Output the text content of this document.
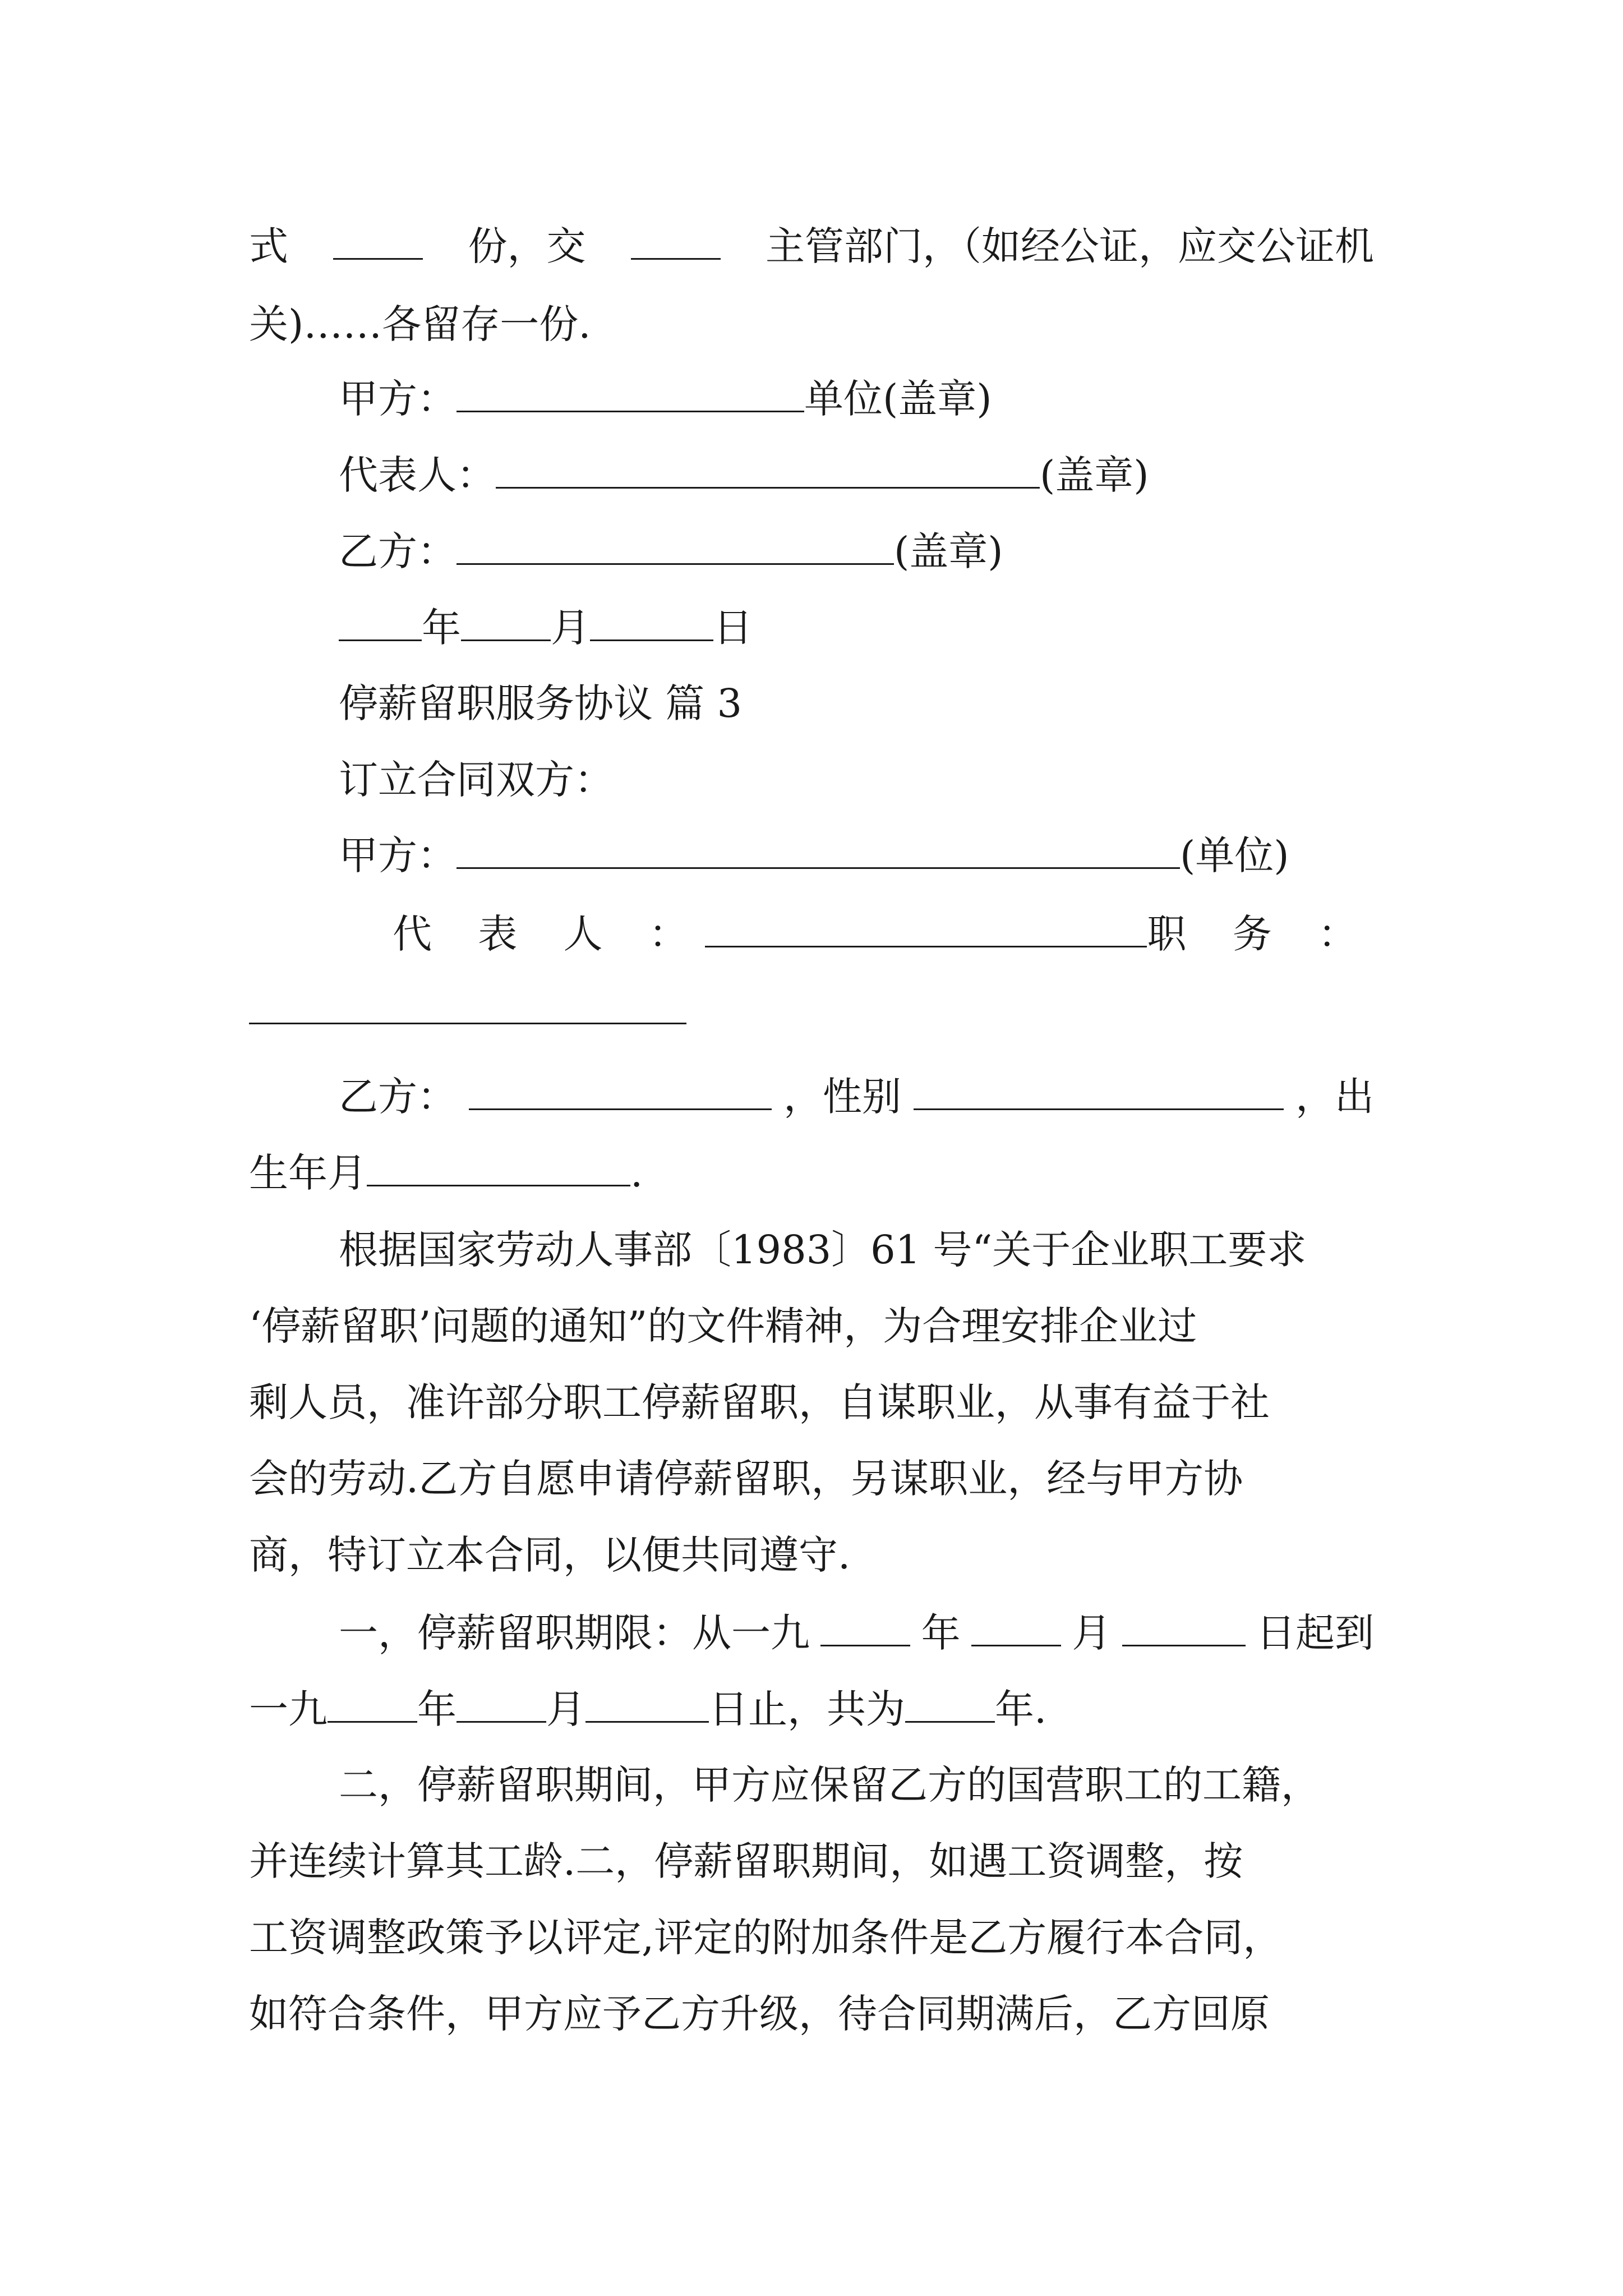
式	份，交	主管部门，（如经公证，应交公证机
关)……各留存一份.
甲方：	单位(盖章)
代表人：	(盖章)
乙方：	(盖章)
年 月	日
停薪留职服务协议 篇 3
订立合同双方：
甲方：	(单位)
代 表 人 ：	职 务 ：
乙方：	，性别	，出
生年月	.
根据国家劳动人事部〔1983〕61 号“关于企业职工要求
‘停薪留职’问题的通知”的文件精神，为合理安排企业过
剩人员，准许部分职工停薪留职，自谋职业，从事有益于社
会的劳动.乙方自愿申请停薪留职，另谋职业，经与甲方协
商，特订立本合同，以便共同遵守.
一，停薪留职期限：从一九	年	月	日起到
一九 年 月	日止，共为 年.
二，停薪留职期间，甲方应保留乙方的国营职工的工籍，
并连续计算其工龄.二，停薪留职期间，如遇工资调整，按
工资调整政策予以评定,评定的附加条件是乙方履行本合同，
如符合条件，甲方应予乙方升级，待合同期满后，乙方回原
